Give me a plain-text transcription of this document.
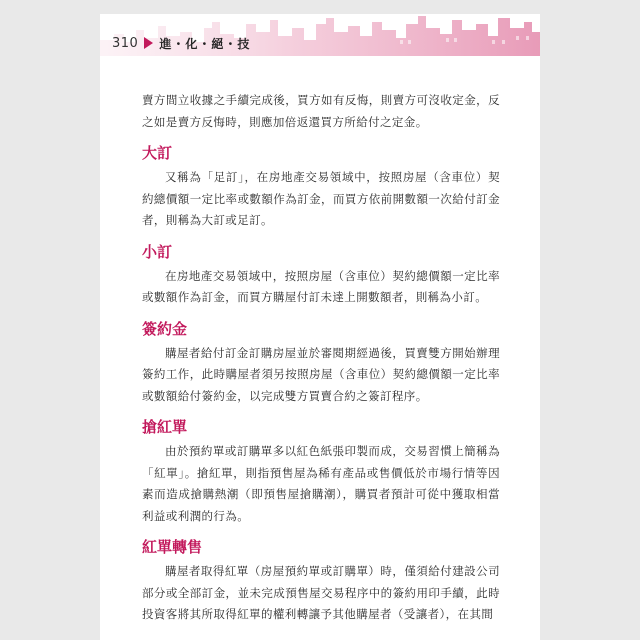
310 進・化・絕・技

賣方間立收據之手續完成後，買方如有反悔，則賣方可沒收定金，反之如是賣方反悔時，則應加倍返還買方所給付之定金。

大訂

又稱為「足訂」，在房地產交易領域中，按照房屋（含車位）契約總價額一定比率或數額作為訂金，而買方依前開數額一次給付訂金者，則稱為大訂或足訂。

小訂

在房地產交易領域中，按照房屋（含車位）契約總價額一定比率或數額作為訂金，而買方購屋付訂未達上開數額者，則稱為小訂。

簽約金

購屋者給付訂金訂購房屋並於審閱期經過後，買賣雙方開始辦理簽約工作，此時購屋者須另按照房屋（含車位）契約總價額一定比率或數額給付簽約金，以完成雙方買賣合約之簽訂程序。

搶紅單

由於預約單或訂購單多以紅色紙張印製而成，交易習慣上簡稱為「紅單」。搶紅單，則指預售屋為稀有產品或售價低於市場行情等因素而造成搶購熱潮（即預售屋搶購潮），購買者預計可從中獲取相當利益或利潤的行為。

紅單轉售

購屋者取得紅單（房屋預約單或訂購單）時，僅須給付建設公司部分或全部訂金，並未完成預售屋交易程序中的簽約用印手續，此時投資客將其所取得紅單的權利轉讓予其他購屋者（受讓者），在其間
